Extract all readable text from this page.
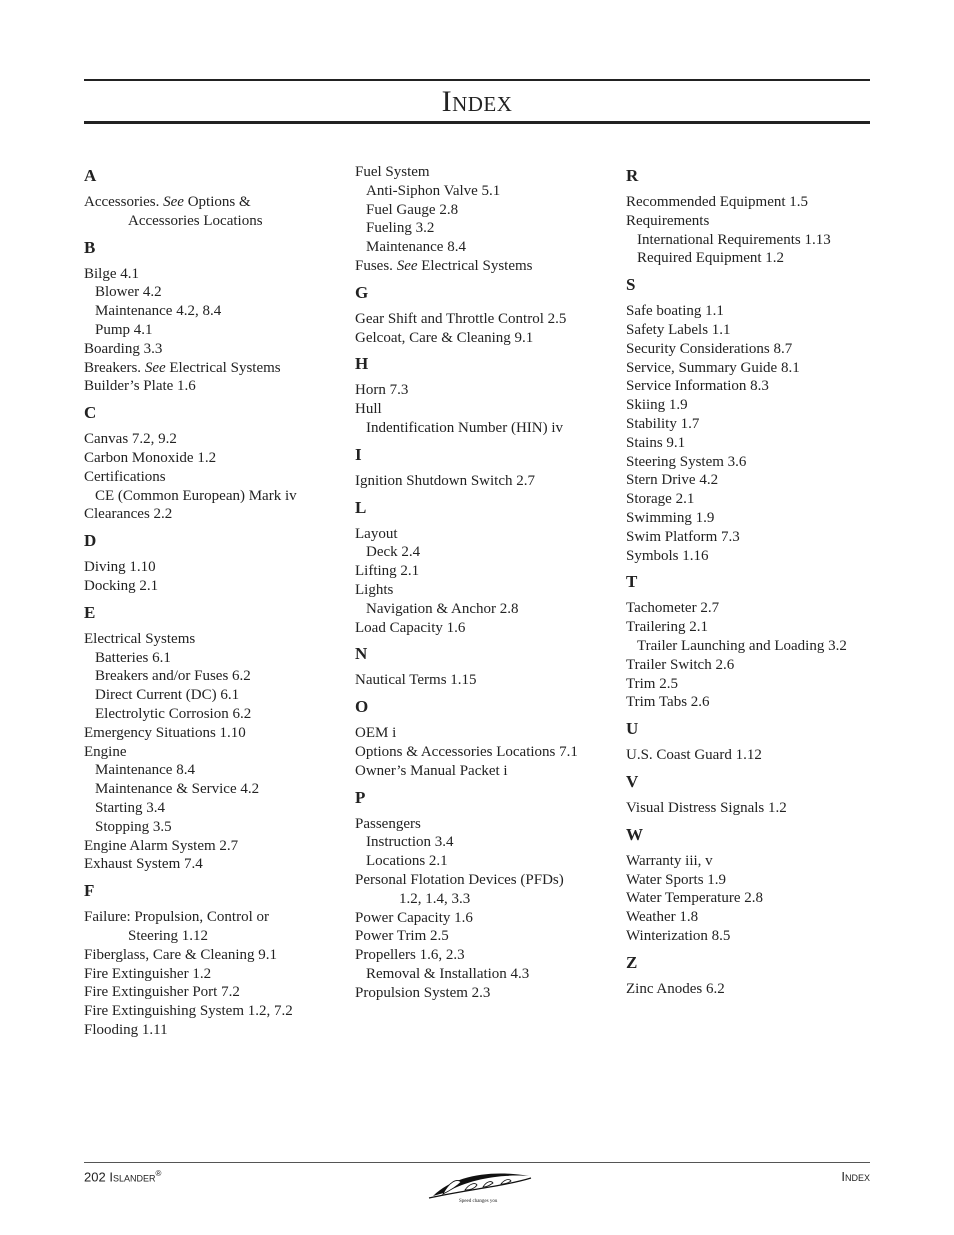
Index
A
Accessories. See Options &
Accessories Locations
B
Bilge 4.1
Blower 4.2
Maintenance 4.2, 8.4
Pump 4.1
Boarding 3.3
Breakers. See Electrical Systems
Builder’s Plate 1.6
C
Canvas 7.2, 9.2
Carbon Monoxide 1.2
Certifications
CE (Common European) Mark iv
Clearances 2.2
D
Diving 1.10
Docking 2.1
E
Electrical Systems
Batteries 6.1
Breakers and/or Fuses 6.2
Direct Current (DC) 6.1
Electrolytic Corrosion 6.2
Emergency Situations 1.10
Engine
Maintenance 8.4
Maintenance & Service 4.2
Starting 3.4
Stopping 3.5
Engine Alarm System 2.7
Exhaust System 7.4
F
Failure: Propulsion, Control or
Steering 1.12
Fiberglass, Care & Cleaning 9.1
Fire Extinguisher 1.2
Fire Extinguisher Port 7.2
Fire Extinguishing System 1.2, 7.2
Flooding 1.11
Fuel System
Anti-Siphon Valve 5.1
Fuel Gauge 2.8
Fueling 3.2
Maintenance 8.4
Fuses. See Electrical Systems
G
Gear Shift and Throttle Control 2.5
Gelcoat, Care & Cleaning 9.1
H
Horn 7.3
Hull
Indentification Number (HIN) iv
I
Ignition Shutdown Switch 2.7
L
Layout
Deck 2.4
Lifting 2.1
Lights
Navigation & Anchor 2.8
Load Capacity 1.6
N
Nautical Terms 1.15
O
OEM i
Options & Accessories Locations 7.1
Owner’s Manual Packet i
P
Passengers
Instruction 3.4
Locations 2.1
Personal Flotation Devices (PFDs)
1.2, 1.4, 3.3
Power Capacity 1.6
Power Trim 2.5
Propellers 1.6, 2.3
Removal & Installation 4.3
Propulsion System 2.3
R
Recommended Equipment 1.5
Requirements
International Requirements 1.13
Required Equipment 1.2
S
Safe boating 1.1
Safety Labels 1.1
Security Considerations 8.7
Service, Summary Guide 8.1
Service Information 8.3
Skiing 1.9
Stability 1.7
Stains 9.1
Steering System 3.6
Stern Drive 4.2
Storage 2.1
Swimming 1.9
Swim Platform 7.3
Symbols 1.16
T
Tachometer 2.7
Trailering 2.1
Trailer Launching and Loading 3.2
Trailer Switch 2.6
Trim 2.5
Trim Tabs 2.6
U
U.S. Coast Guard 1.12
V
Visual Distress Signals 1.2
W
Warranty iii, v
Water Sports 1.9
Water Temperature 2.8
Weather 1.8
Winterization 8.5
Z
Zinc Anodes 6.2
202 Islander®	Index
Speed changes you
